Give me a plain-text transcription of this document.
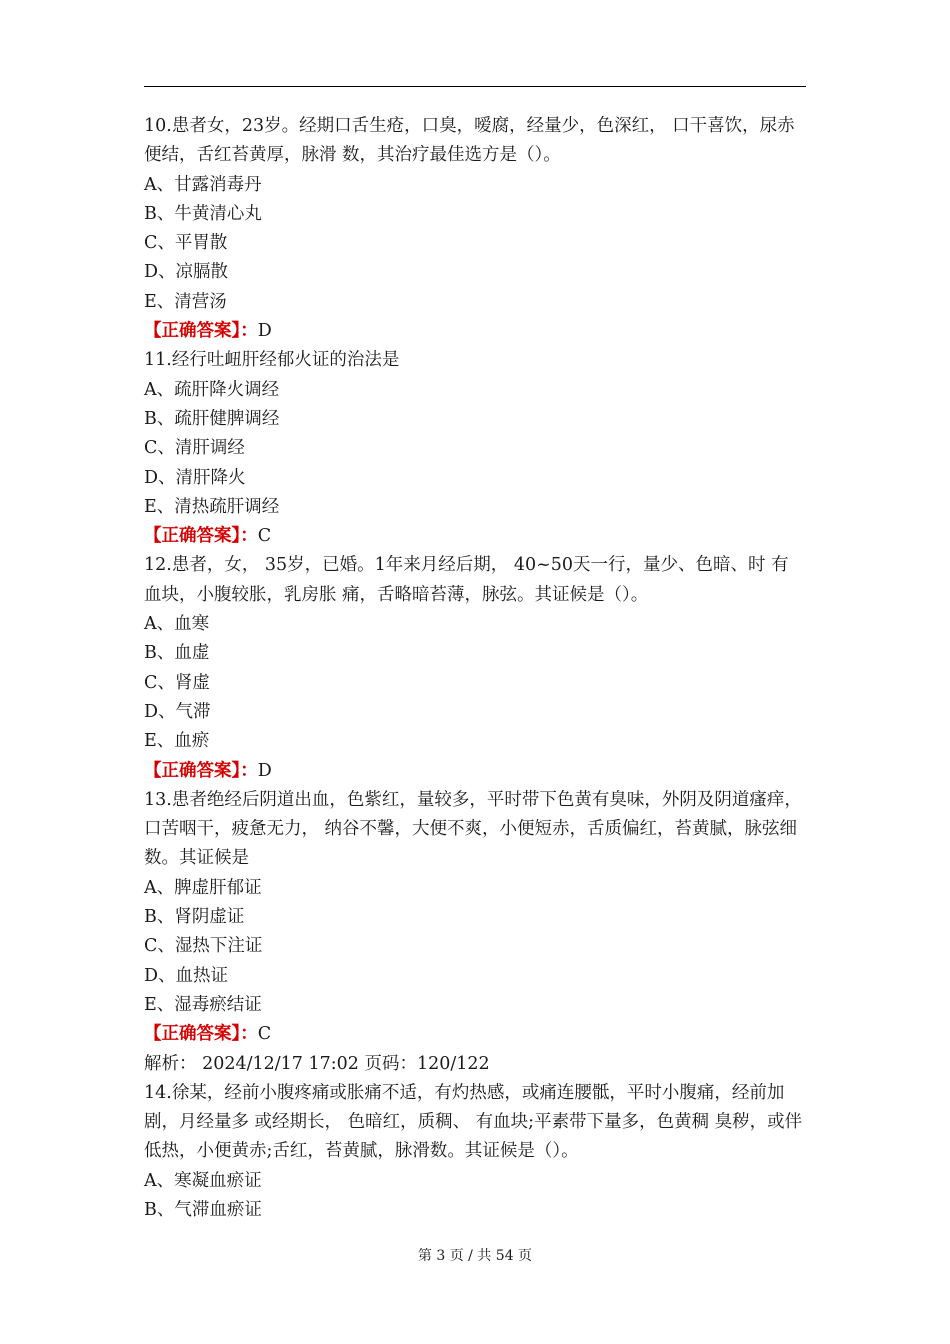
10.患者女，23岁。经期口舌生疮，口臭，嗳腐，经量少，色深红， 口干喜饮，尿赤便结，舌红苔黄厚，脉滑 数，其治疗最佳选方是（）。
A、甘露消毒丹
B、牛黄清心丸
C、平胃散
D、凉膈散
E、清营汤
【正确答案】：D
11.经行吐衄肝经郁火证的治法是
A、疏肝降火调经
B、疏肝健脾调经
C、清肝调经
D、清肝降火
E、清热疏肝调经
【正确答案】：C
12.患者，女， 35岁，已婚。1年来月经后期， 40~50天一行，量少、色暗、时 有血块，小腹较胀，乳房胀 痛，舌略暗苔薄，脉弦。其证候是（）。
A、血寒
B、血虚
C、肾虚
D、气滞
E、血瘀
【正确答案】：D
13.患者绝经后阴道出血，色紫红，量较多，平时带下色黄有臭味，外阴及阴道瘙痒，口苦咽干，疲惫无力， 纳谷不馨，大便不爽，小便短赤，舌质偏红，苔黄腻，脉弦细数。其证候是
A、脾虚肝郁证
B、肾阴虚证
C、湿热下注证
D、血热证
E、湿毒瘀结证
【正确答案】：C
解析： 2024/12/17 17:02 页码：120/122
14.徐某，经前小腹疼痛或胀痛不适，有灼热感，或痛连腰骶，平时小腹痛，经前加剧，月经量多 或经期长， 色暗红，质稠、 有血块;平素带下量多，色黄稠 臭秽，或伴低热，小便黄赤;舌红，苔黄腻，脉滑数。其证候是（）。
A、寒凝血瘀证
B、气滞血瘀证
第 3 页 / 共 54 页
